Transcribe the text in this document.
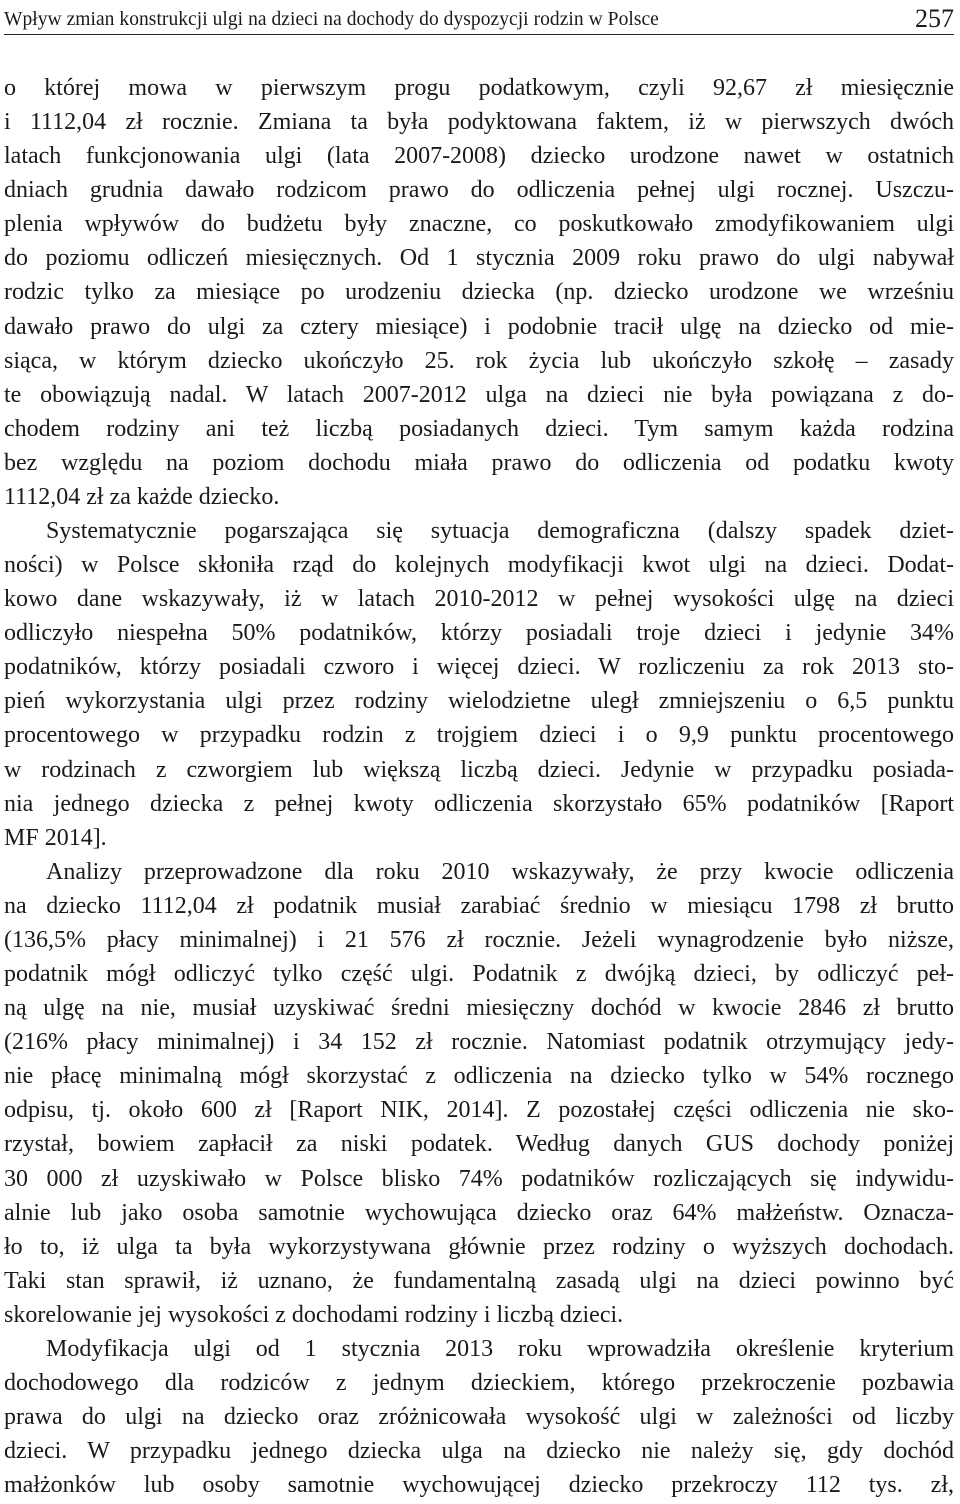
Wpływ zmian konstrukcji ulgi na dzieci na dochody do dyspozycji rodzin w Polsce	257
o której mowa w pierwszym progu podatkowym, czyli 92,67 zł miesięcznie
i 1112,04 zł rocznie. Zmiana ta była podyktowana faktem, iż w pierwszych dwóch
latach funkcjonowania ulgi (lata 2007-2008) dziecko urodzone nawet w ostatnich
dniach grudnia dawało rodzicom prawo do odliczenia pełnej ulgi rocznej. Uszczu-
plenia wpływów do budżetu były znaczne, co poskutkowało zmodyfikowaniem ulgi
do poziomu odliczeń miesięcznych. Od 1 stycznia 2009 roku prawo do ulgi nabywał
rodzic tylko za miesiące po urodzeniu dziecka (np. dziecko urodzone we wrześniu
dawało prawo do ulgi za cztery miesiące) i podobnie tracił ulgę na dziecko od mie-
siąca, w którym dziecko ukończyło 25. rok życia lub ukończyło szkołę – zasady
te obowiązują nadal. W latach 2007-2012 ulga na dzieci nie była powiązana z do-
chodem rodziny ani też liczbą posiadanych dzieci. Tym samym każda rodzina
bez względu na poziom dochodu miała prawo do odliczenia od podatku kwoty
1112,04 zł za każde dziecko.
Systematycznie pogarszająca się sytuacja demograficzna (dalszy spadek dziet-
ności) w Polsce skłoniła rząd do kolejnych modyfikacji kwot ulgi na dzieci. Dodat-
kowo dane wskazywały, iż w latach 2010-2012 w pełnej wysokości ulgę na dzieci
odliczyło niespełna 50% podatników, którzy posiadali troje dzieci i jedynie 34%
podatników, którzy posiadali czworo i więcej dzieci. W rozliczeniu za rok 2013 sto-
pień wykorzystania ulgi przez rodziny wielodzietne uległ zmniejszeniu o 6,5 punktu
procentowego w przypadku rodzin z trojgiem dzieci i o 9,9 punktu procentowego
w rodzinach z czworgiem lub większą liczbą dzieci. Jedynie w przypadku posiada-
nia jednego dziecka z pełnej kwoty odliczenia skorzystało 65% podatników [Raport
MF 2014].
Analizy przeprowadzone dla roku 2010 wskazywały, że przy kwocie odliczenia
na dziecko 1112,04 zł podatnik musiał zarabiać średnio w miesiącu 1798 zł brutto
(136,5% płacy minimalnej) i 21 576 zł rocznie. Jeżeli wynagrodzenie było niższe,
podatnik mógł odliczyć tylko część ulgi. Podatnik z dwójką dzieci, by odliczyć peł-
ną ulgę na nie, musiał uzyskiwać średni miesięczny dochód w kwocie 2846 zł brutto
(216% płacy minimalnej) i 34 152 zł rocznie. Natomiast podatnik otrzymujący jedy-
nie płacę minimalną mógł skorzystać z odliczenia na dziecko tylko w 54% rocznego
odpisu, tj. około 600 zł [Raport NIK, 2014]. Z pozostałej części odliczenia nie sko-
rzystał, bowiem zapłacił za niski podatek. Według danych GUS dochody poniżej
30 000 zł uzyskiwało w Polsce blisko 74% podatników rozliczających się indywidu-
alnie lub jako osoba samotnie wychowująca dziecko oraz 64% małżeństw. Oznacza-
ło to, iż ulga ta była wykorzystywana głównie przez rodziny o wyższych dochodach.
Taki stan sprawił, iż uznano, że fundamentalną zasadą ulgi na dzieci powinno być
skorelowanie jej wysokości z dochodami rodziny i liczbą dzieci.
Modyfikacja ulgi od 1 stycznia 2013 roku wprowadziła określenie kryterium
dochodowego dla rodziców z jednym dzieckiem, którego przekroczenie pozbawia
prawa do ulgi na dziecko oraz zróżnicowała wysokość ulgi w zależności od liczby
dzieci. W przypadku jednego dziecka ulga na dziecko nie należy się, gdy dochód
małżonków lub osoby samotnie wychowującej dziecko przekroczy 112 tys. zł,
